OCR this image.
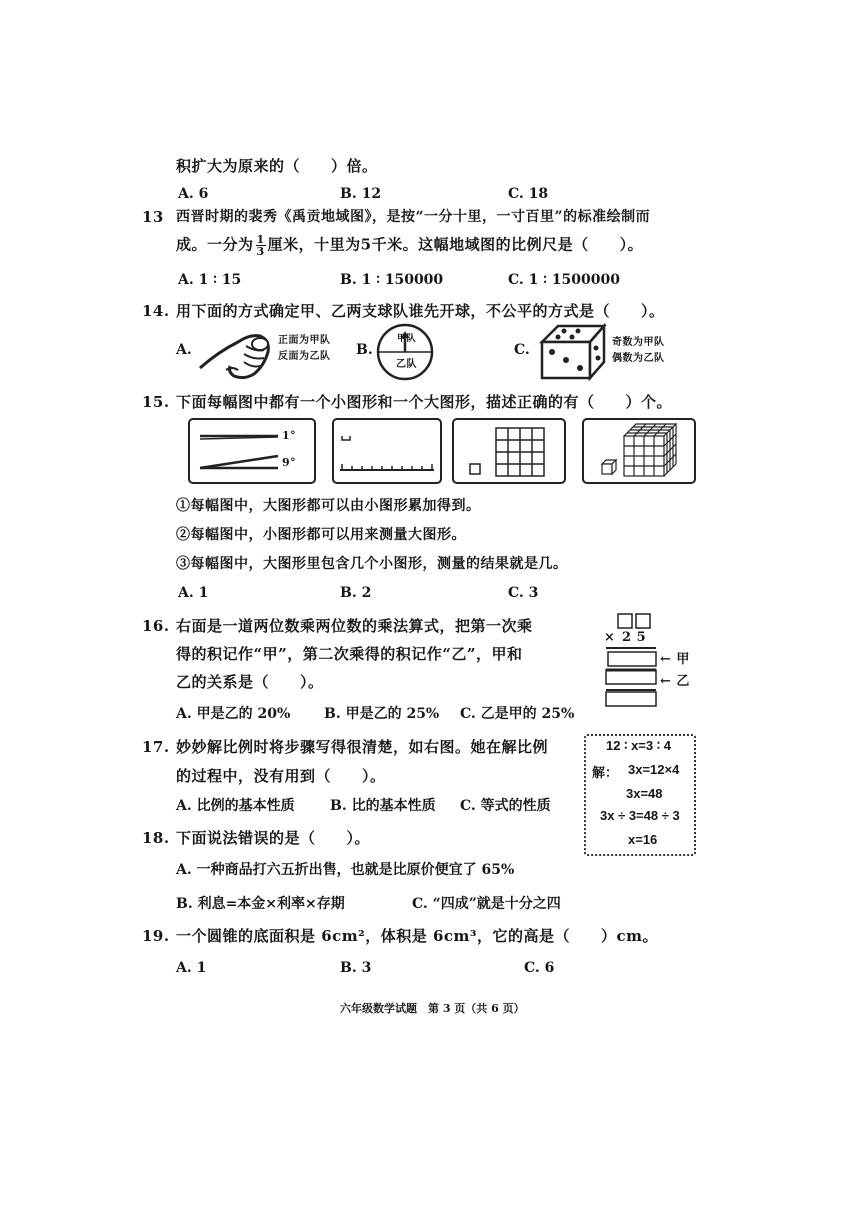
积扩大为原来的（　　）倍。
A. 6	B. 12	C. 18
13 西晋时期的裴秀《禹贡地域图》，是按“一分十里，一寸百里”的标准绘制而
成。一分为 $\frac{1}{3}$ 厘米，十里为5千米。这幅地域图的比例尺是（　　）。
A. 1 ∶ 15	B. 1 ∶ 150000	C. 1 ∶ 1500000
14. 用下面的方式确定甲、乙两支球队谁先开球，不公平的方式是（　　）。
A.
正面为甲队
反面为乙队 B.
甲队
乙队
C.	奇数为甲队
偶数为乙队
15. 下面每幅图中都有一个小图形和一个大图形，描述正确的有（　　）个。
1°
9°
①每幅图中，大图形都可以由小图形累加得到。
②每幅图中，小图形都可以用来测量大图形。
③每幅图中，大图形里包含几个小图形，测量的结果就是几。
A. 1	B. 2	C. 3
16. 右面是一道两位数乘两位数的乘法算式，把第一次乘
得的积记作“甲”，第二次乘得的积记作“乙”，甲和
乙的关系是（　　）。
A. 甲是乙的 20% B. 甲是乙的 25% C. 乙是甲的 25%
× 2 5
← 甲
← 乙
17. 妙妙解比例时将步骤写得很清楚，如右图。她在解比例
的过程中，没有用到（　　）。
A. 比例的基本性质	B. 比的基本性质 C. 等式的性质
12 ∶ x=3 ∶ 4
解： 3x=12×4
3x=48
3x ÷ 3=48 ÷ 3
x=16
18. 下面说法错误的是（　　）。
A. 一种商品打六五折出售，也就是比原价便宜了 65%
B. 利息=本金×利率×存期	C. “四成”就是十分之四
19. 一个圆锥的底面积是 6cm²，体积是 6cm³，它的高是（　　）cm。
A. 1	B. 3	C. 6
六年级数学试题　第 3 页（共 6 页）
